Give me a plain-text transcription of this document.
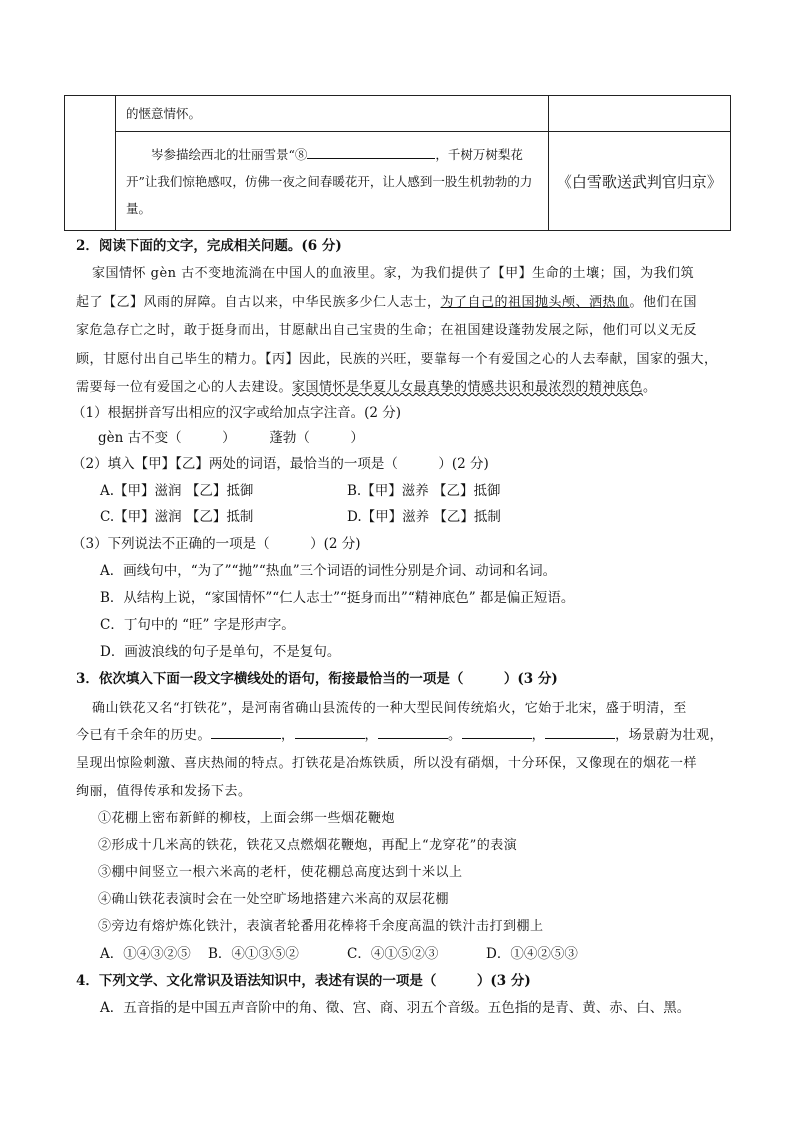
	的惬意情怀。	

	岑参描绘西北的壮丽雪景“⑧ ，千树万树梨花开”让我们惊艳感叹，仿佛一夜之间春暖花开，让人感到一股生机勃勃的力量。	《白雪歌送武判官归京》
2．阅读下面的文字，完成相关问题。(6 分)
家国情怀 gèn 古不变地流淌在中国人的血液里。家，为我们提供了【甲】生命的土壤；国，为我们筑
起了【乙】风雨的屏障。自古以来，中华民族多少仁人志士，为了自己的祖国抛头颅、洒热血。他们在国
家危急存亡之时，敢于挺身而出，甘愿献出自己宝贵的生命；在祖国建设蓬勃发展之际，他们可以义无反
顾，甘愿付出自己毕生的精力。【丙】因此，民族的兴旺，要靠每一个有爱国之心的人去奉献，国家的强大，
需要每一位有爱国之心的人去建设。家国情怀是华夏儿女最真挚的情感共识和最浓烈的精神底色。
（1）根据拼音写出相应的汉字或给加点字注音。(2 分)
gèn 古不变（　　　）　　　蓬勃（　　　）
（2）填入【甲】【乙】两处的词语，最恰当的一项是（　　　）(2 分)
A.【甲】滋润 【乙】抵御	B.【甲】滋养 【乙】抵御
C.【甲】滋润 【乙】抵制	D.【甲】滋养 【乙】抵制
（3）下列说法不正确的一项是（　　　）(2 分)
A．画线句中，“为了”“抛”“热血”三个词语的词性分别是介词、动词和名词。
B．从结构上说，“家国情怀”“仁人志士”“挺身而出”“精神底色” 都是偏正短语。
C．丁句中的 “旺” 字是形声字。
D．画波浪线的句子是单句，不是复句。
3．依次填入下面一段文字横线处的语句，衔接最恰当的一项是（　　　）(3 分)
确山铁花又名“打铁花”，是河南省确山县流传的一种大型民间传统焰火，它始于北宋，盛于明清，至
今已有千余年的历史。	，	，	。	，	，场景蔚为壮观，
呈现出惊险刺激、喜庆热闹的特点。打铁花是冶炼铁质，所以没有硝烟，十分环保，又像现在的烟花一样
绚丽，值得传承和发扬下去。
①花棚上密布新鲜的柳枝，上面会绑一些烟花鞭炮
②形成十几米高的铁花，铁花又点燃烟花鞭炮，再配上“龙穿花”的表演
③棚中间竖立一根六米高的老杆，使花棚总高度达到十米以上
④确山铁花表演时会在一处空旷场地搭建六米高的双层花棚
⑤旁边有熔炉炼化铁汁，表演者轮番用花棒将千余度高温的铁汁击打到棚上
A．①④③②⑤ B．④①③⑤②	C．④①⑤②③	D．①④②⑤③
4．下列文学、文化常识及语法知识中，表述有误的一项是（　　　）(3 分)
A．五音指的是中国五声音阶中的角、徵、宫、商、羽五个音级。五色指的是青、黄、赤、白、黑。
